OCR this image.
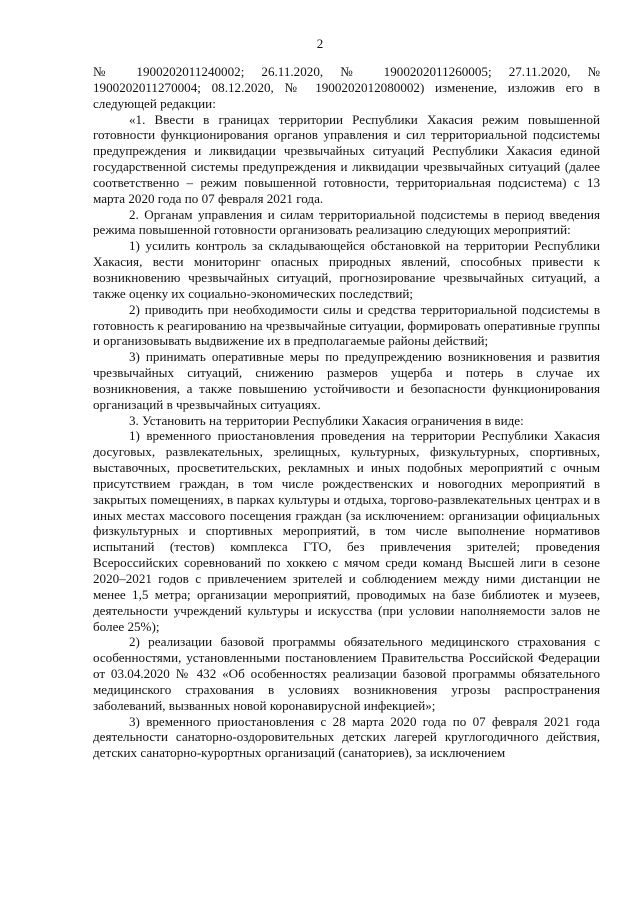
2

№ 1900202011240002; 26.11.2020, № 1900202011260005; 27.11.2020, № 1900202011270004; 08.12.2020, № 1900202012080002) изменение, изложив его в следующей редакции:

«1. Ввести в границах территории Республики Хакасия режим повышенной готовности функционирования органов управления и сил территориальной подсистемы предупреждения и ликвидации чрезвычайных ситуаций Республики Хакасия единой государственной системы предупреждения и ликвидации чрезвычайных ситуаций (далее соответственно – режим повышенной готовности, территориальная подсистема) с 13 марта 2020 года по 07 февраля 2021 года.

2. Органам управления и силам территориальной подсистемы в период введения режима повышенной готовности организовать реализацию следующих мероприятий:

1) усилить контроль за складывающейся обстановкой на территории Республики Хакасия, вести мониторинг опасных природных явлений, способных привести к возникновению чрезвычайных ситуаций, прогнозирование чрезвычайных ситуаций, а также оценку их социально-экономических последствий;

2) приводить при необходимости силы и средства территориальной подсистемы в готовность к реагированию на чрезвычайные ситуации, формировать оперативные группы и организовывать выдвижение их в предполагаемые районы действий;

3) принимать оперативные меры по предупреждению возникновения и развития чрезвычайных ситуаций, снижению размеров ущерба и потерь в случае их возникновения, а также повышению устойчивости и безопасности функционирования организаций в чрезвычайных ситуациях.

3. Установить на территории Республики Хакасия ограничения в виде:

1) временного приостановления проведения на территории Республики Хакасия досуговых, развлекательных, зрелищных, культурных, физкультурных, спортивных, выставочных, просветительских, рекламных и иных подобных мероприятий с очным присутствием граждан, в том числе рождественских и новогодних мероприятий в закрытых помещениях, в парках культуры и отдыха, торгово-развлекательных центрах и в иных местах массового посещения граждан (за исключением: организации официальных физкультурных и спортивных мероприятий, в том числе выполнение нормативов испытаний (тестов) комплекса ГТО, без привлечения зрителей; проведения Всероссийских соревнований по хоккею с мячом среди команд Высшей лиги в сезоне 2020–2021 годов с привлечением зрителей и соблюдением между ними дистанции не менее 1,5 метра; организации мероприятий, проводимых на базе библиотек и музеев, деятельности учреждений культуры и искусства (при условии наполняемости залов не более 25%);

2) реализации базовой программы обязательного медицинского страхования с особенностями, установленными постановлением Правительства Российской Федерации от 03.04.2020 № 432 «Об особенностях реализации базовой программы обязательного медицинского страхования в условиях возникновения угрозы распространения заболеваний, вызванных новой коронавирусной инфекцией»;

3) временного приостановления с 28 марта 2020 года по 07 февраля 2021 года деятельности санаторно-оздоровительных детских лагерей круглогодичного действия, детских санаторно-курортных организаций (санаториев), за исключением
